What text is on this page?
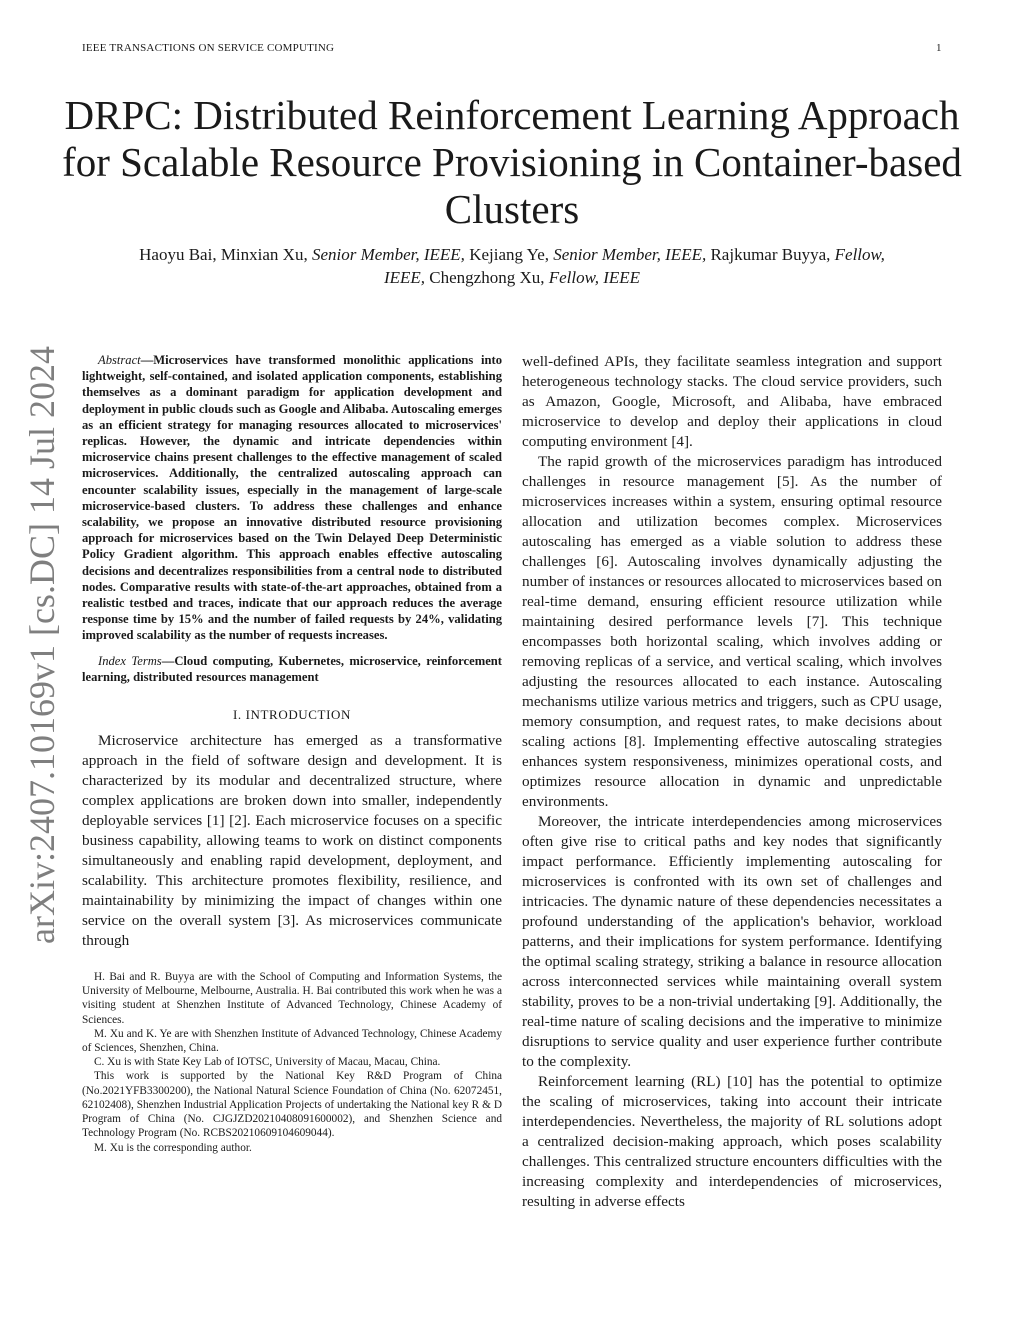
IEEE TRANSACTIONS ON SERVICE COMPUTING	1
arXiv:2407.10169v1 [cs.DC] 14 Jul 2024
DRPC: Distributed Reinforcement Learning Approach for Scalable Resource Provisioning in Container-based Clusters

Haoyu Bai, Minxian Xu, Senior Member, IEEE, Kejiang Ye, Senior Member, IEEE, Rajkumar Buyya, Fellow, IEEE, Chengzhong Xu, Fellow, IEEE

Abstract—Microservices have transformed monolithic applications into lightweight, self-contained, and isolated application components, establishing themselves as a dominant paradigm for application development and deployment in public clouds such as Google and Alibaba. Autoscaling emerges as an efficient strategy for managing resources allocated to microservices' replicas. However, the dynamic and intricate dependencies within microservice chains present challenges to the effective management of scaled microservices. Additionally, the centralized autoscaling approach can encounter scalability issues, especially in the management of large-scale microservice-based clusters. To address these challenges and enhance scalability, we propose an innovative distributed resource provisioning approach for microservices based on the Twin Delayed Deep Deterministic Policy Gradient algorithm. This approach enables effective autoscaling decisions and decentralizes responsibilities from a central node to distributed nodes. Comparative results with state-of-the-art approaches, obtained from a realistic testbed and traces, indicate that our approach reduces the average response time by 15% and the number of failed requests by 24%, validating improved scalability as the number of requests increases.

Index Terms—Cloud computing, Kubernetes, microservice, reinforcement learning, distributed resources management

I. INTRODUCTION

Microservice architecture has emerged as a transformative approach in the field of software design and development. It is characterized by its modular and decentralized structure, where complex applications are broken down into smaller, independently deployable services [1] [2]. Each microservice focuses on a specific business capability, allowing teams to work on distinct components simultaneously and enabling rapid development, deployment, and scalability. This architecture promotes flexibility, resilience, and maintainability by minimizing the impact of changes within one service on the overall system [3]. As microservices communicate through

H. Bai and R. Buyya are with the School of Computing and Information Systems, the University of Melbourne, Melbourne, Australia. H. Bai contributed this work when he was a visiting student at Shenzhen Institute of Advanced Technology, Chinese Academy of Sciences.

M. Xu and K. Ye are with Shenzhen Institute of Advanced Technology, Chinese Academy of Sciences, Shenzhen, China.

C. Xu is with State Key Lab of IOTSC, University of Macau, Macau, China.

This work is supported by the National Key R&D Program of China (No.2021YFB3300200), the National Natural Science Foundation of China (No. 62072451, 62102408), Shenzhen Industrial Application Projects of undertaking the National key R & D Program of China (No. CJGJZD20210408091600002), and Shenzhen Science and Technology Program (No. RCBS20210609104609044).

M. Xu is the corresponding author.

well-defined APIs, they facilitate seamless integration and support heterogeneous technology stacks. The cloud service providers, such as Amazon, Google, Microsoft, and Alibaba, have embraced microservice to develop and deploy their applications in cloud computing environment [4].

The rapid growth of the microservices paradigm has introduced challenges in resource management [5]. As the number of microservices increases within a system, ensuring optimal resource allocation and utilization becomes complex. Microservices autoscaling has emerged as a viable solution to address these challenges [6]. Autoscaling involves dynamically adjusting the number of instances or resources allocated to microservices based on real-time demand, ensuring efficient resource utilization while maintaining desired performance levels [7]. This technique encompasses both horizontal scaling, which involves adding or removing replicas of a service, and vertical scaling, which involves adjusting the resources allocated to each instance. Autoscaling mechanisms utilize various metrics and triggers, such as CPU usage, memory consumption, and request rates, to make decisions about scaling actions [8]. Implementing effective autoscaling strategies enhances system responsiveness, minimizes operational costs, and optimizes resource allocation in dynamic and unpredictable environments.

Moreover, the intricate interdependencies among microservices often give rise to critical paths and key nodes that significantly impact performance. Efficiently implementing autoscaling for microservices is confronted with its own set of challenges and intricacies. The dynamic nature of these dependencies necessitates a profound understanding of the application's behavior, workload patterns, and their implications for system performance. Identifying the optimal scaling strategy, striking a balance in resource allocation across interconnected services while maintaining overall system stability, proves to be a non-trivial undertaking [9]. Additionally, the real-time nature of scaling decisions and the imperative to minimize disruptions to service quality and user experience further contribute to the complexity.

Reinforcement learning (RL) [10] has the potential to optimize the scaling of microservices, taking into account their intricate interdependencies. Nevertheless, the majority of RL solutions adopt a centralized decision-making approach, which poses scalability challenges. This centralized structure encounters difficulties with the increasing complexity and interdependencies of microservices, resulting in adverse effects
